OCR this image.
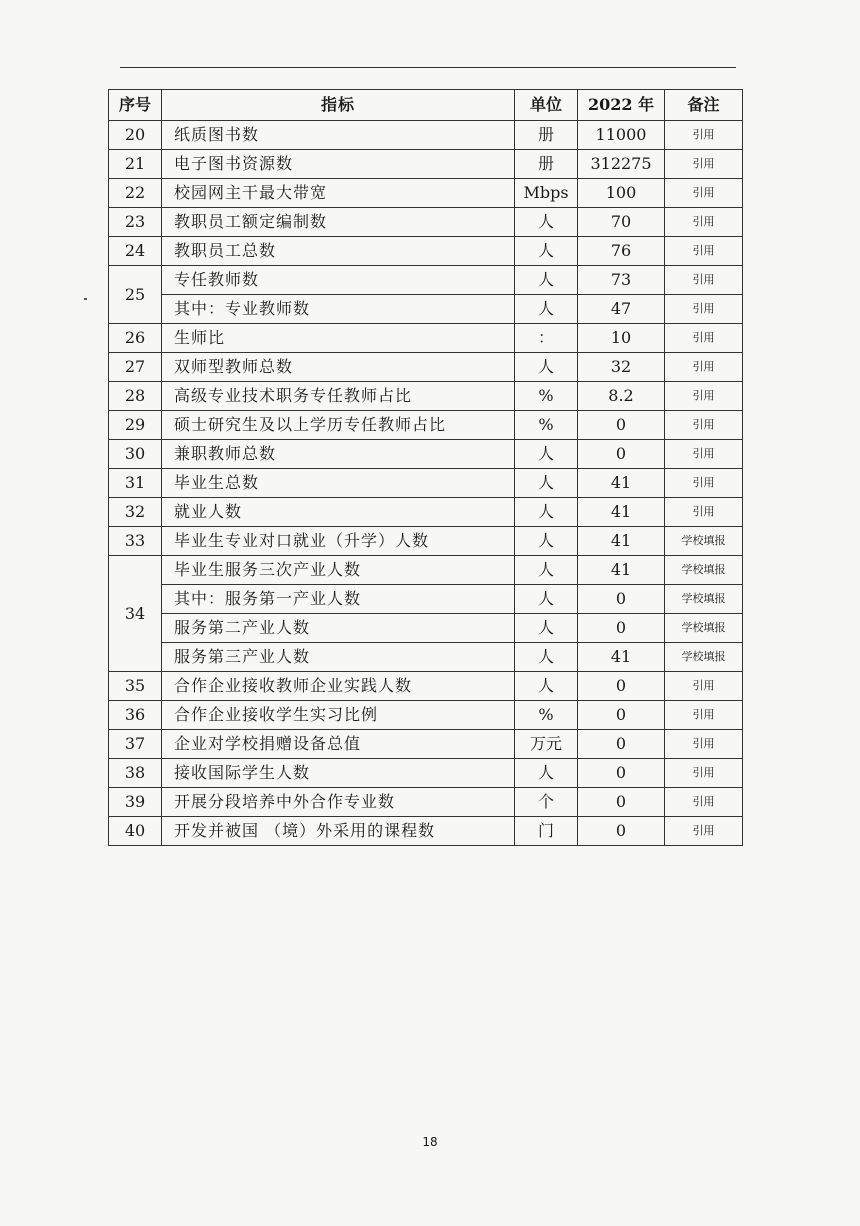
序号	指标	单位	2022 年	备注
20	纸质图书数	册	11000	引用
21	电子图书资源数	册	312275	引用
22	校园网主干最大带宽	Mbps	100	引用
23	教职员工额定编制数	人	70	引用
24	教职员工总数	人	76	引用
25	专任教师数	人	73	引用
	其中：专业教师数	人	47	引用
26	生师比	：	10	引用
27	双师型教师总数	人	32	引用
28	高级专业技术职务专任教师占比	%	8.2	引用
29	硕士研究生及以上学历专任教师占比	%	0	引用
30	兼职教师总数	人	0	引用
31	毕业生总数	人	41	引用
32	就业人数	人	41	引用
33	毕业生专业对口就业（升学）人数	人	41	学校填报
34	毕业生服务三次产业人数	人	41	学校填报
	其中：服务第一产业人数	人	0	学校填报
	服务第二产业人数	人	0	学校填报
	服务第三产业人数	人	41	学校填报
35	合作企业接收教师企业实践人数	人	0	引用
36	合作企业接收学生实习比例	%	0	引用
37	企业对学校捐赠设备总值	万元	0	引用
38	接收国际学生人数	人	0	引用
39	开展分段培养中外合作专业数	个	0	引用
40	开发并被国 （境）外采用的课程数	门	0	引用
18
